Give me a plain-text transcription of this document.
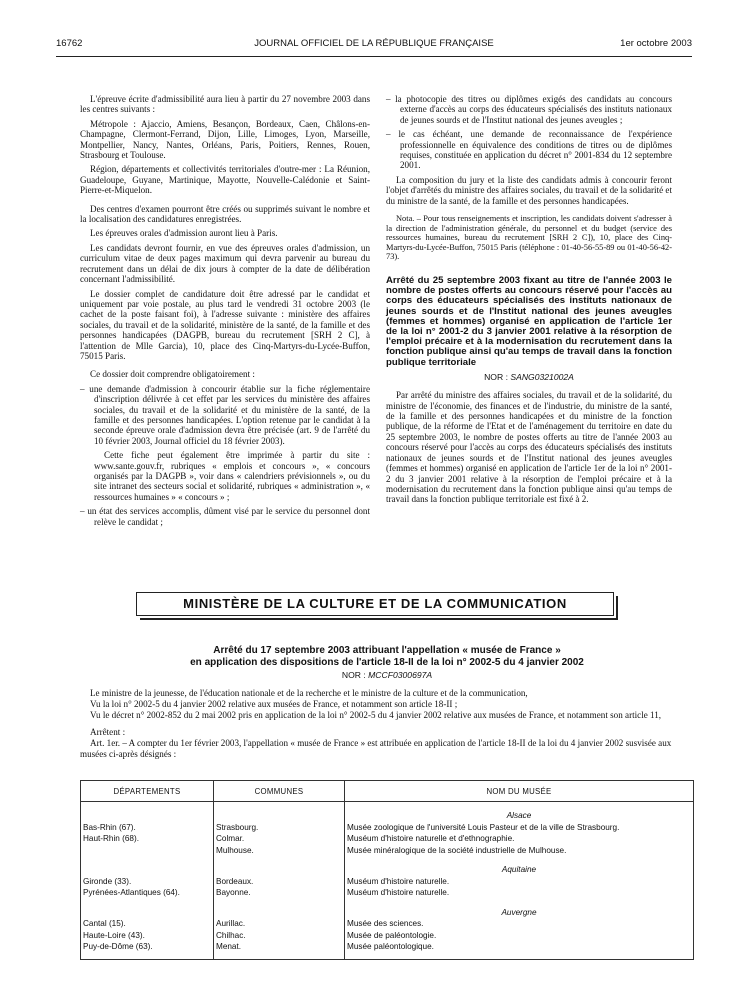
16762	JOURNAL OFFICIEL DE LA RÉPUBLIQUE FRANÇAISE	1er octobre 2003

L'épreuve écrite d'admissibilité aura lieu à partir du 27 novembre 2003 dans les centres suivants :

Métropole : Ajaccio, Amiens, Besançon, Bordeaux, Caen, Châlons-en-Champagne, Clermont-Ferrand, Dijon, Lille, Limoges, Lyon, Marseille, Montpellier, Nancy, Nantes, Orléans, Paris, Poitiers, Rennes, Rouen, Strasbourg et Toulouse.

Région, départements et collectivités territoriales d'outre-mer : La Réunion, Guadeloupe, Guyane, Martinique, Mayotte, Nouvelle-Calédonie et Saint-Pierre-et-Miquelon.

Des centres d'examen pourront être créés ou supprimés suivant le nombre et la localisation des candidatures enregistrées.

Les épreuves orales d'admission auront lieu à Paris.

Les candidats devront fournir, en vue des épreuves orales d'admission, un curriculum vitae de deux pages maximum qui devra parvenir au bureau du recrutement dans un délai de dix jours à compter de la date de délibération concernant l'admissibilité.

Le dossier complet de candidature doit être adressé par le candidat et uniquement par voie postale, au plus tard le vendredi 31 octobre 2003 (le cachet de la poste faisant foi), à l'adresse suivante : ministère des affaires sociales, du travail et de la solidarité, ministère de la santé, de la famille et des personnes handicapées (DAGPB, bureau du recrutement [SRH 2 C], à l'attention de Mlle Garcia), 10, place des Cinq-Martyrs-du-Lycée-Buffon, 75015 Paris.

Ce dossier doit comprendre obligatoirement :

– une demande d'admission à concourir établie sur la fiche réglementaire d'inscription délivrée à cet effet par les services du ministère des affaires sociales, du travail et de la solidarité et du ministère de la santé, de la famille et des personnes handicapées. L'option retenue par le candidat à la seconde épreuve orale d'admission devra être précisée (art. 9 de l'arrêté du 10 février 2003, Journal officiel du 18 février 2003).

Cette fiche peut également être imprimée à partir du site : www.sante.gouv.fr, rubriques « emplois et concours », « concours organisés par la DAGPB », voir dans « calendriers prévisionnels », ou du site intranet des secteurs social et solidarité, rubriques « administration », « ressources humaines » « concours » ;

– un état des services accomplis, dûment visé par le service du personnel dont relève le candidat ;

– la photocopie des titres ou diplômes exigés des candidats au concours externe d'accès au corps des éducateurs spécialisés des instituts nationaux de jeunes sourds et de l'Institut national des jeunes aveugles ;

– le cas échéant, une demande de reconnaissance de l'expérience professionnelle en équivalence des conditions de titres ou de diplômes requises, constituée en application du décret n° 2001-834 du 12 septembre 2001.

La composition du jury et la liste des candidats admis à concourir feront l'objet d'arrêtés du ministre des affaires sociales, du travail et de la solidarité et du ministre de la santé, de la famille et des personnes handicapées.

Nota. – Pour tous renseignements et inscription, les candidats doivent s'adresser à la direction de l'administration générale, du personnel et du budget (service des ressources humaines, bureau du recrutement [SRH 2 C]), 10, place des Cinq-Martyrs-du-Lycée-Buffon, 75015 Paris (téléphone : 01-40-56-55-89 ou 01-40-56-42-73).

Arrêté du 25 septembre 2003 fixant au titre de l'année 2003 le nombre de postes offerts au concours réservé pour l'accès au corps des éducateurs spécialisés des instituts nationaux de jeunes sourds et de l'Institut national des jeunes aveugles (femmes et hommes) organisé en application de l'article 1er de la loi n° 2001-2 du 3 janvier 2001 relative à la résorption de l'emploi précaire et à la modernisation du recrutement dans la fonction publique ainsi qu'au temps de travail dans la fonction publique territoriale
NOR : SANG0321002A

Par arrêté du ministre des affaires sociales, du travail et de la solidarité, du ministre de l'économie, des finances et de l'industrie, du ministre de la santé, de la famille et des personnes handicapées et du ministre de la fonction publique, de la réforme de l'Etat et de l'aménagement du territoire en date du 25 septembre 2003, le nombre de postes offerts au titre de l'année 2003 au concours réservé pour l'accès au corps des éducateurs spécialisés des instituts nationaux de jeunes sourds et de l'Institut national des jeunes aveugles (femmes et hommes) organisé en application de l'article 1er de la loi n° 2001-2 du 3 janvier 2001 relative à la résorption de l'emploi précaire et à la modernisation du recrutement dans la fonction publique ainsi qu'au temps de travail dans la fonction publique territoriale est fixé à 2.

MINISTÈRE DE LA CULTURE ET DE LA COMMUNICATION
Arrêté du 17 septembre 2003 attribuant l'appellation « musée de France »
en application des dispositions de l'article 18-II de la loi n° 2002-5 du 4 janvier 2002
NOR : MCCF0300697A

Le ministre de la jeunesse, de l'éducation nationale et de la recherche et le ministre de la culture et de la communication,

Vu la loi n° 2002-5 du 4 janvier 2002 relative aux musées de France, et notamment son article 18-II ;

Vu le décret n° 2002-852 du 2 mai 2002 pris en application de la loi n° 2002-5 du 4 janvier 2002 relative aux musées de France, et notamment son article 11,

Arrêtent :

Art. 1er. – A compter du 1er février 2003, l'appellation « musée de France » est attribuée en application de l'article 18-II de la loi du 4 janvier 2002 susvisée aux musées ci-après désignés :

DÉPARTEMENTS	COMMUNES	NOM DU MUSÉE
		Alsace
Bas-Rhin (67).	Strasbourg.	Musée zoologique de l'université Louis Pasteur et de la ville de Strasbourg.
Haut-Rhin (68).	Colmar.	Muséum d'histoire naturelle et d'ethnographie.
	Mulhouse.	Musée minéralogique de la société industrielle de Mulhouse.
		Aquitaine
Gironde (33).	Bordeaux.	Muséum d'histoire naturelle.
Pyrénées-Atlantiques (64).	Bayonne.	Muséum d'histoire naturelle.
		Auvergne
Cantal (15).	Aurillac.	Musée des sciences.
Haute-Loire (43).	Chilhac.	Musée de paléontologie.
Puy-de-Dôme (63).	Menat.	Musée paléontologique.
